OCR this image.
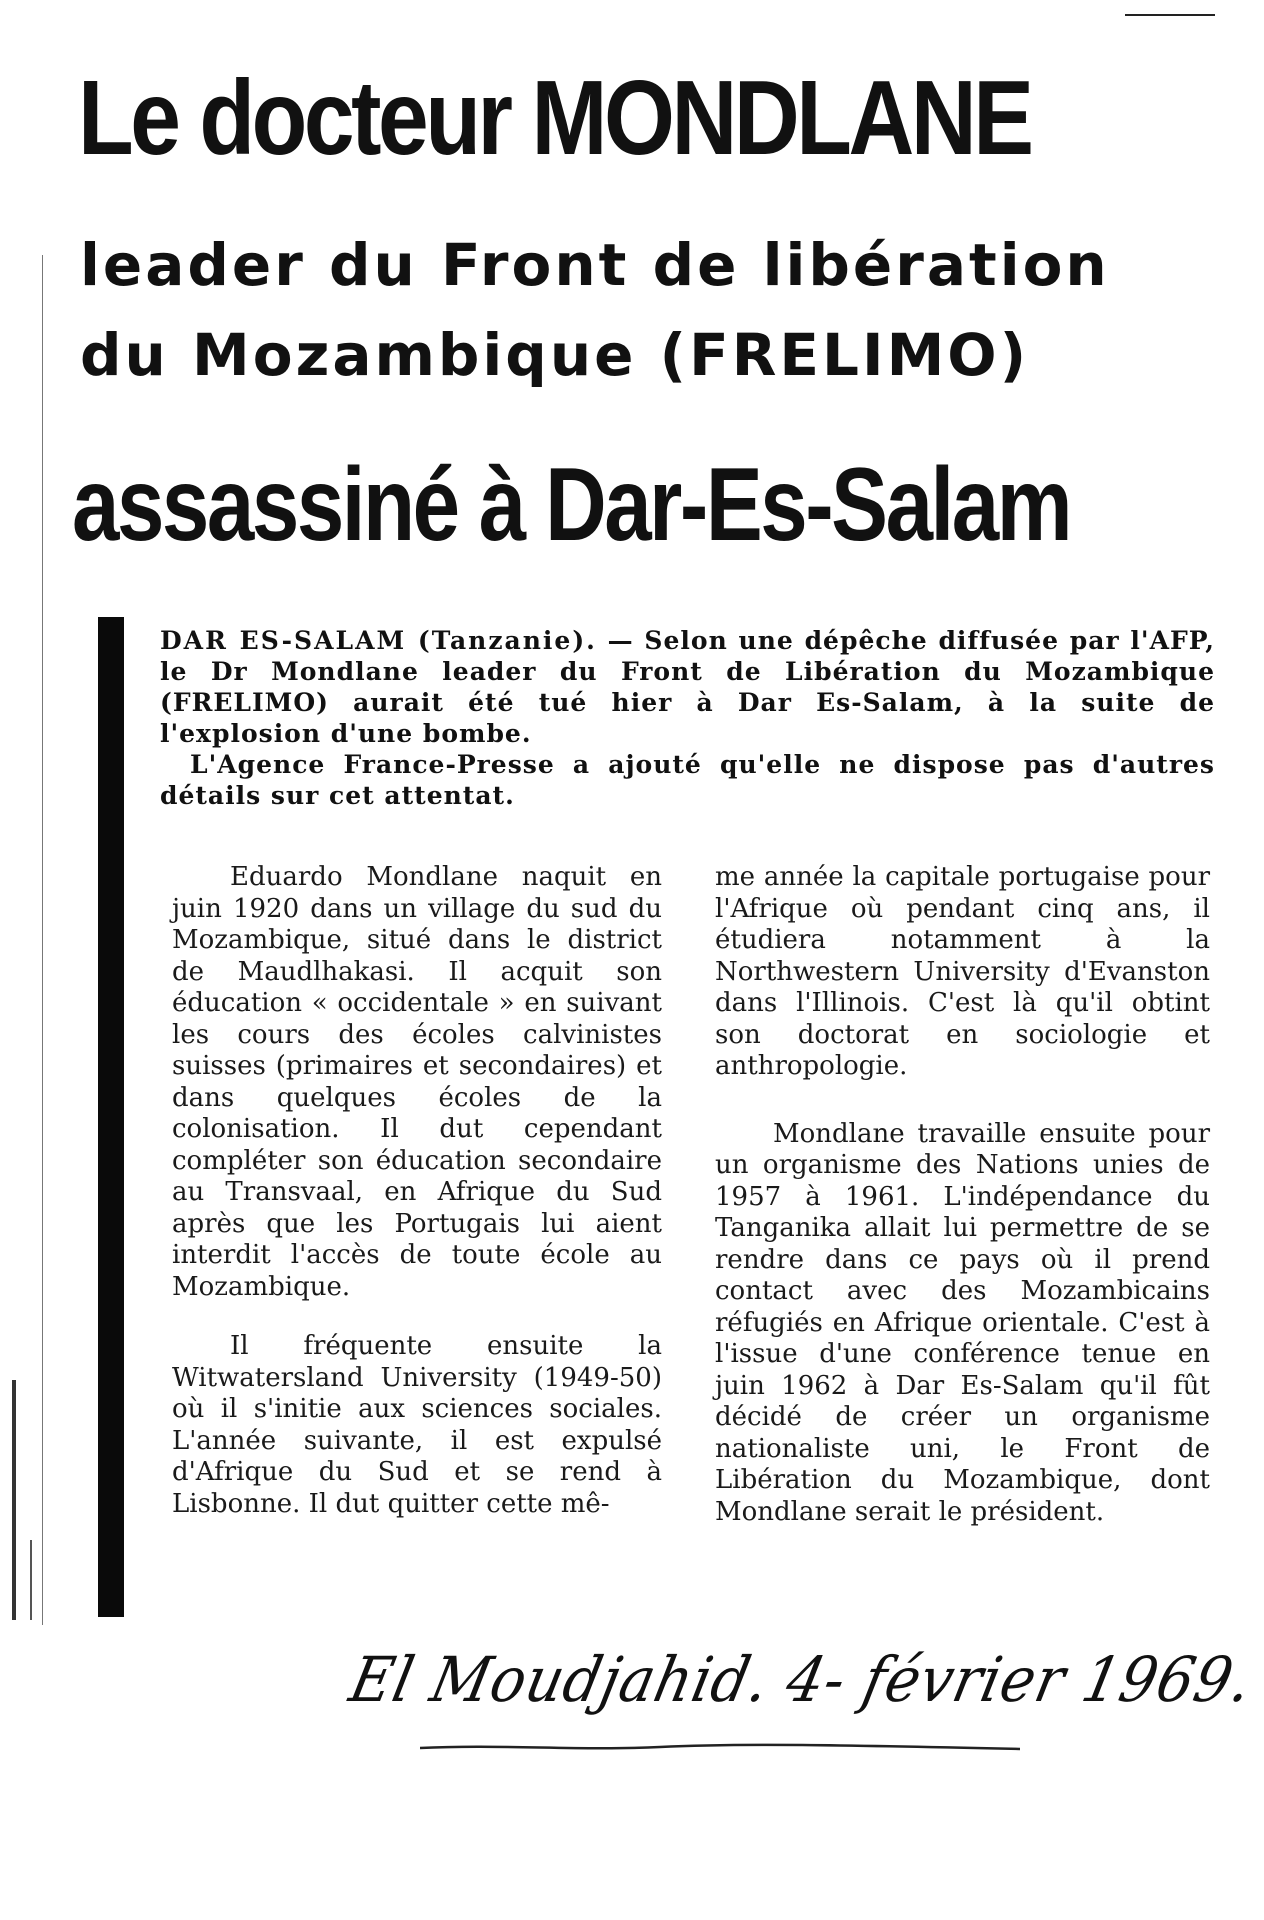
Le docteur MONDLANE
leader du Front de libération
du Mozambique (FRELIMO)
assassiné à Dar-Es-Salam

DAR ES-SALAM (Tanzanie). — Selon une dépêche diffusée par l'AFP, le Dr Mondlane leader du Front de Libération du Mozambique (FRELIMO) aurait été tué hier à Dar Es-Salam, à la suite de l'explosion d'une bombe.

L'Agence France-Presse a ajouté qu'elle ne dispose pas d'autres détails sur cet attentat.

Eduardo Mondlane naquit en juin 1920 dans un village du sud du Mozambique, situé dans le district de Maudlhakasi. Il acquit son éducation « occidentale » en suivant les cours des écoles calvinistes suisses (primaires et secondaires) et dans quelques écoles de la colonisation. Il dut cependant compléter son éducation secondaire au Transvaal, en Afrique du Sud après que les Portugais lui aient interdit l'accès de toute école au Mozambique.

Il fréquente ensuite la Witwatersland University (1949-50) où il s'initie aux sciences sociales. L'année suivante, il est expulsé d'Afrique du Sud et se rend à Lisbonne. Il dut quitter cette mê-

me année la capitale portugaise pour l'Afrique où pendant cinq ans, il étudiera notamment à la Northwestern University d'Evanston dans l'Illinois. C'est là qu'il obtint son doctorat en sociologie et anthropologie.

Mondlane travaille ensuite pour un organisme des Nations unies de 1957 à 1961. L'indépendance du Tanganika allait lui permettre de se rendre dans ce pays où il prend contact avec des Mozambicains réfugiés en Afrique orientale. C'est à l'issue d'une conférence tenue en juin 1962 à Dar Es-Salam qu'il fût décidé de créer un organisme nationaliste uni, le Front de Libération du Mozambique, dont Mondlane serait le président.

El Moudjahid. 4- février 1969.
